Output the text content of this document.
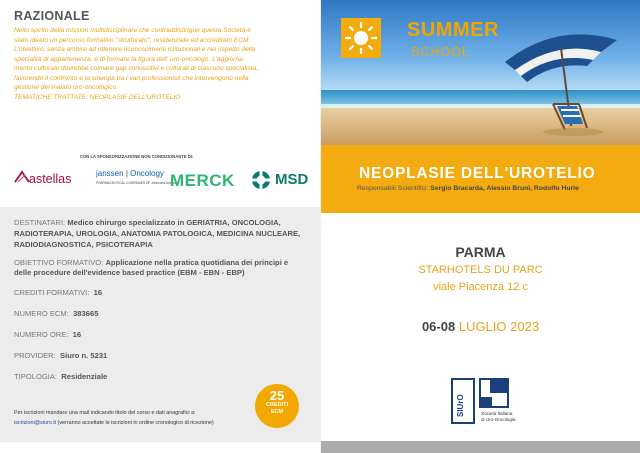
RAZIONALE

Nello spirito della mission multidisciplinare che contraddistingue questa Società è
stato ideato un percorso formativo "strutturato", residenziale ed accreditato ECM.
L'obiettivo, senza ambire ad ottenere riconoscimenti istituzionali e nel rispetto della
specialità di appartenenza, è di formare la figura dell' uro-oncologo. L'aggiorna-
mento culturale dovrebbe colmare gap conoscitivi e culturali di ciascuno specialista,
favorendo il confronto e la sinergia tra i vari professionisti che intervengono nella
gestione del malato uro-oncologico.
TEMATICHE TRATTATE: NEOPLASIE DELL'UROTELIO

CON LA SPONSORIZZAZIONE NON CONDIZIONANTE DI:
astellas	janssen | Oncology
PHARMACEUTICAL COMPANIES OF Johnson&Johnson
MERCK	MSD
DESTINATARI: Medico chirurgo specializzato in GERIATRIA, ONCOLOGIA, RADIOTERAPIA, UROLOGIA, ANATOMIA PATOLOGICA, MEDICINA NUCLEARE, RADIODIAGNOSTICA, PSICOTERAPIA
OBIETTIVO FORMATIVO: Applicazione nella pratica quotidiana dei principi e delle procedure dell'evidence based practice (EBM - EBN - EBP)
CREDITI FORMATIVI: 16
NUMERO ECM: 383665
NUMERO ORE: 16
PROVIDER: Siuro n. 5231
TIPOLOGIA: Residenziale
25
CREDITI
ECM
Per iscrizioni mandare una mail indicando titolo del corso e dati anagrafici a:
iscrizioni@siuro.it (verranno accettate le iscrizioni in ordine cronologico di ricezione)
SUMMER
SCHOOL
NEOPLASIE DELL'UROTELIO
Responsabili Scientifici: Sergio Bracarda, Alessio Bruni, Rodolfo Hurle
PARMA
STARHOTELS DU PARC
viale Piacenza 12 c
06-08 LUGLIO 2023
SIUrO	Società Italiana
di Uro-Oncologia
